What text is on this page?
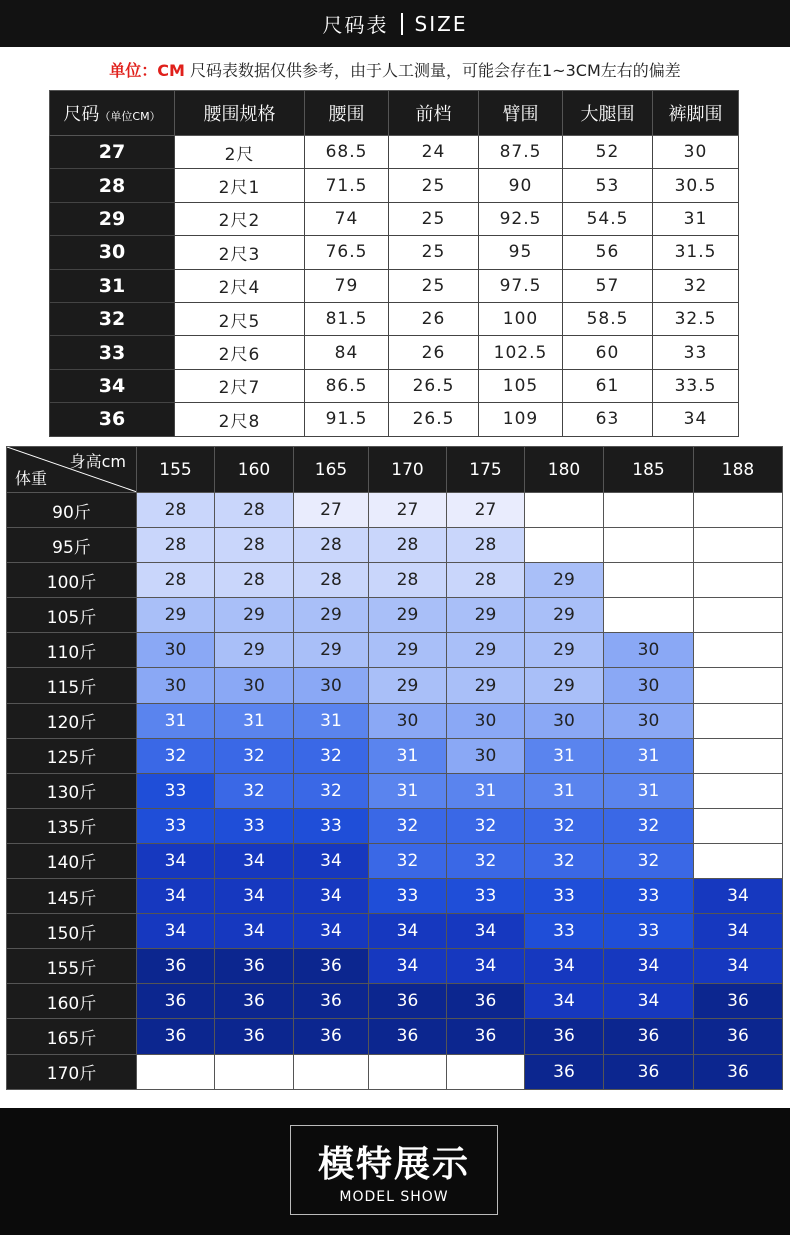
尺码表 SIZE
单位：CM 尺码表数据仅供参考，由于人工测量，可能会存在1~3CM左右的偏差
尺码（单位CM）	腰围规格	腰围	前档	臂围	大腿围	裤脚围
27	2尺	68.5	24	87.5	52	30
28	2尺1	71.5	25	90	53	30.5
29	2尺2	74	25	92.5	54.5	31
30	2尺3	76.5	25	95	56	31.5
31	2尺4	79	25	97.5	57	32
32	2尺5	81.5	26	100	58.5	32.5
33	2尺6	84	26	102.5	60	33
34	2尺7	86.5	26.5	105	61	33.5
36	2尺8	91.5	26.5	109	63	34
身高cm
体重	155	160	165	170	175	180	185	188
90斤	28	28	27	27	27			
95斤	28	28	28	28	28			
100斤	28	28	28	28	28	29		
105斤	29	29	29	29	29	29		
110斤	30	29	29	29	29	29	30	
115斤	30	30	30	29	29	29	30	
120斤	31	31	31	30	30	30	30	
125斤	32	32	32	31	30	31	31	
130斤	33	32	32	31	31	31	31	
135斤	33	33	33	32	32	32	32	
140斤	34	34	34	32	32	32	32	
145斤	34	34	34	33	33	33	33	34
150斤	34	34	34	34	34	33	33	34
155斤	36	36	36	34	34	34	34	34
160斤	36	36	36	36	36	34	34	36
165斤	36	36	36	36	36	36	36	36
170斤						36	36	36
模特展示
MODEL SHOW
